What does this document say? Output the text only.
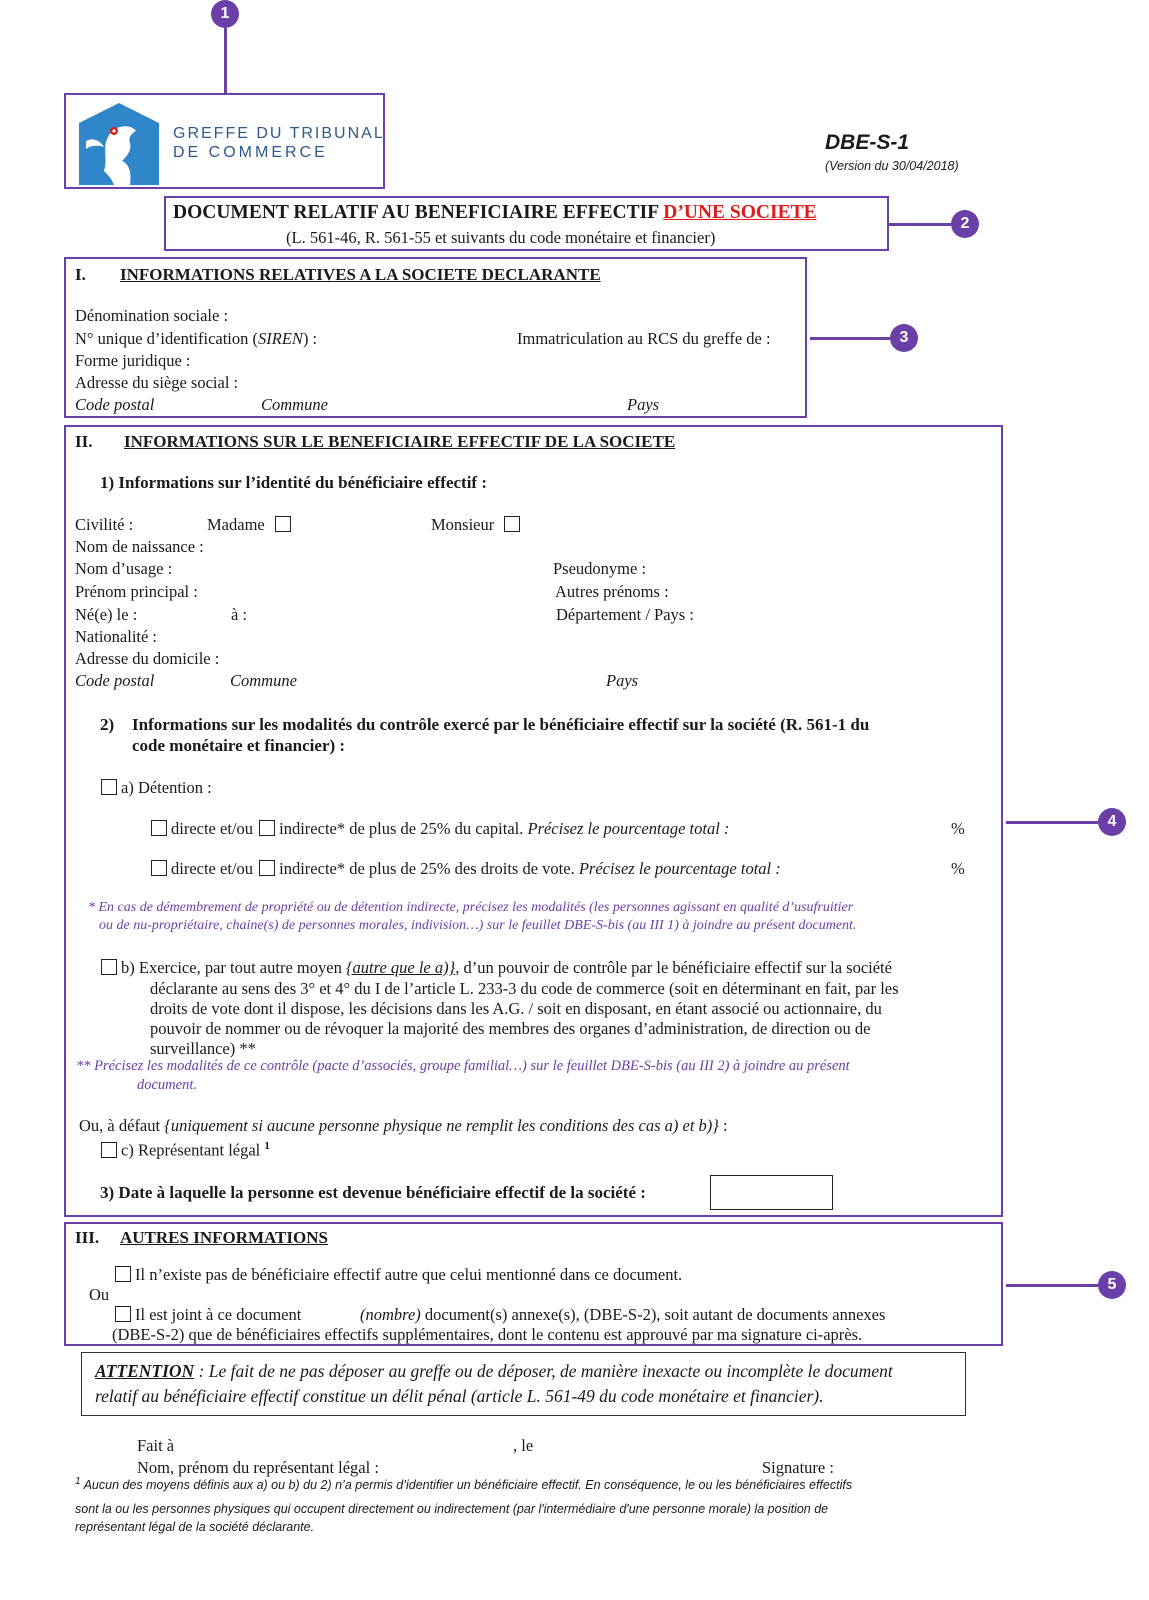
1
GREFFE DU TRIBUNAL
DE COMMERCE	DBE-S-1
(Version du 30/04/2018)
DOCUMENT RELATIF AU BENEFICIAIRE EFFECTIF D’UNE SOCIETE
(L. 561-46, R. 561-55 et suivants du code monétaire et financier)
2
I. INFORMATIONS RELATIVES A LA SOCIETE DECLARANTE
Dénomination sociale :
N° unique d’identification (SIREN) :	Immatriculation au RCS du greffe de :
Forme juridique :
Adresse du siège social :
Code postal	Commune	Pays
3
II. INFORMATIONS SUR LE BENEFICIAIRE EFFECTIF DE LA SOCIETE
1) Informations sur l’identité du bénéficiaire effectif :
Civilité :	Madame	Monsieur
Nom de naissance :
Nom d’usage :	Pseudonyme :
Prénom principal :	Autres prénoms :
Né(e) le :	à :	Département / Pays :
Nationalité :
Adresse du domicile :
Code postal	Commune	Pays
2) Informations sur les modalités du contrôle exercé par le bénéficiaire effectif sur la société (R. 561-1 du
code monétaire et financier) :
a) Détention :
directe et/ou indirecte* de plus de 25% du capital. Précisez le pourcentage total :	%
directe et/ou indirecte* de plus de 25% des droits de vote. Précisez le pourcentage total :	%
* En cas de démembrement de propriété ou de détention indirecte, précisez les modalités (les personnes agissant en qualité d’usufruitier
ou de nu-propriétaire, chaine(s) de personnes morales, indivision…) sur le feuillet DBE-S-bis (au III 1) à joindre au présent document.
b) Exercice, par tout autre moyen {autre que le a)}, d’un pouvoir de contrôle par le bénéficiaire effectif sur la société
déclarante au sens des 3° et 4° du I de l’article L. 233-3 du code de commerce (soit en déterminant en fait, par les
droits de vote dont il dispose, les décisions dans les A.G. / soit en disposant, en étant associé ou actionnaire, du
pouvoir de nommer ou de révoquer la majorité des membres des organes d’administration, de direction ou de
surveillance) **
** Précisez les modalités de ce contrôle (pacte d’associés, groupe familial…) sur le feuillet DBE-S-bis (au III 2) à joindre au présent
document.
Ou, à défaut {uniquement si aucune personne physique ne remplit les conditions des cas a) et b)} :
c) Représentant légal $^1$
3) Date à laquelle la personne est devenue bénéficiaire effectif de la société :
4
III. AUTRES INFORMATIONS
Il n’existe pas de bénéficiaire effectif autre que celui mentionné dans ce document.
Ou
Il est joint à ce document	(nombre) document(s) annexe(s), (DBE-S-2), soit autant de documents annexes
(DBE-S-2) que de bénéficiaires effectifs supplémentaires, dont le contenu est approuvé par ma signature ci-après.
5
ATTENTION : Le fait de ne pas déposer au greffe ou de déposer, de manière inexacte ou incomplète le document
relatif au bénéficiaire effectif constitue un délit pénal (article L. 561-49 du code monétaire et financier).
Fait à	, le
Nom, prénom du représentant légal :	Signature :
$^1$ Aucun des moyens définis aux a) ou b) du 2) n’a permis d’identifier un bénéficiaire effectif. En conséquence, le ou les bénéficiaires effectifs
sont la ou les personnes physiques qui occupent directement ou indirectement (par l'intermédiaire d'une personne morale) la position de
représentant légal de la société déclarante.
